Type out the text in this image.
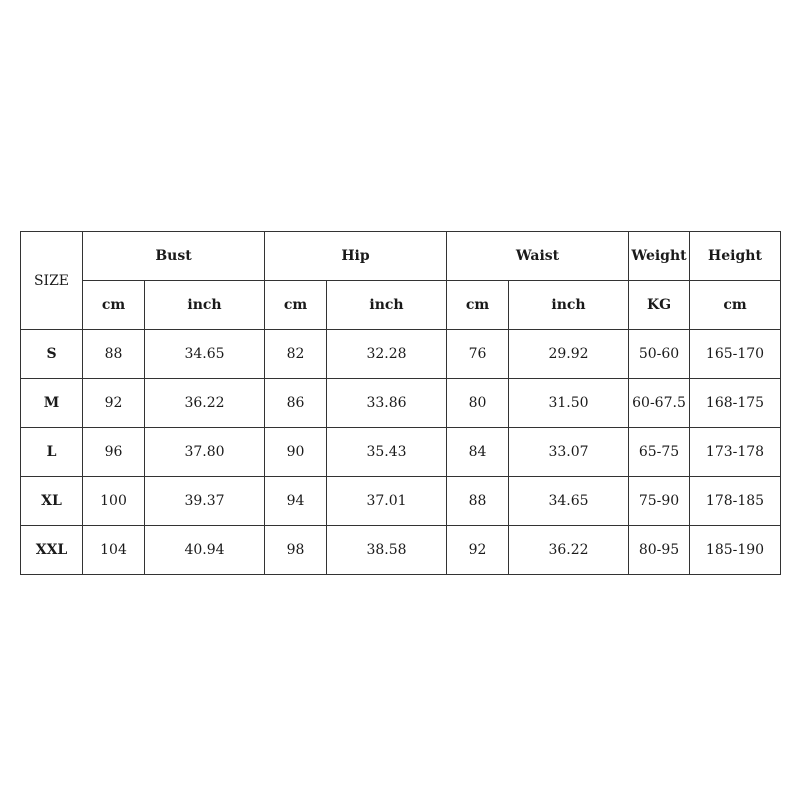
SIZE	Bust		Hip		Waist		Weight	Height
	cm	inch	cm	inch	cm	inch	KG	cm
S	88	34.65	82	32.28	76	29.92	50-60	165-170
M	92	36.22	86	33.86	80	31.50	60-67.5	168-175
L	96	37.80	90	35.43	84	33.07	65-75	173-178
XL	100	39.37	94	37.01	88	34.65	75-90	178-185
XXL	104	40.94	98	38.58	92	36.22	80-95	185-190
